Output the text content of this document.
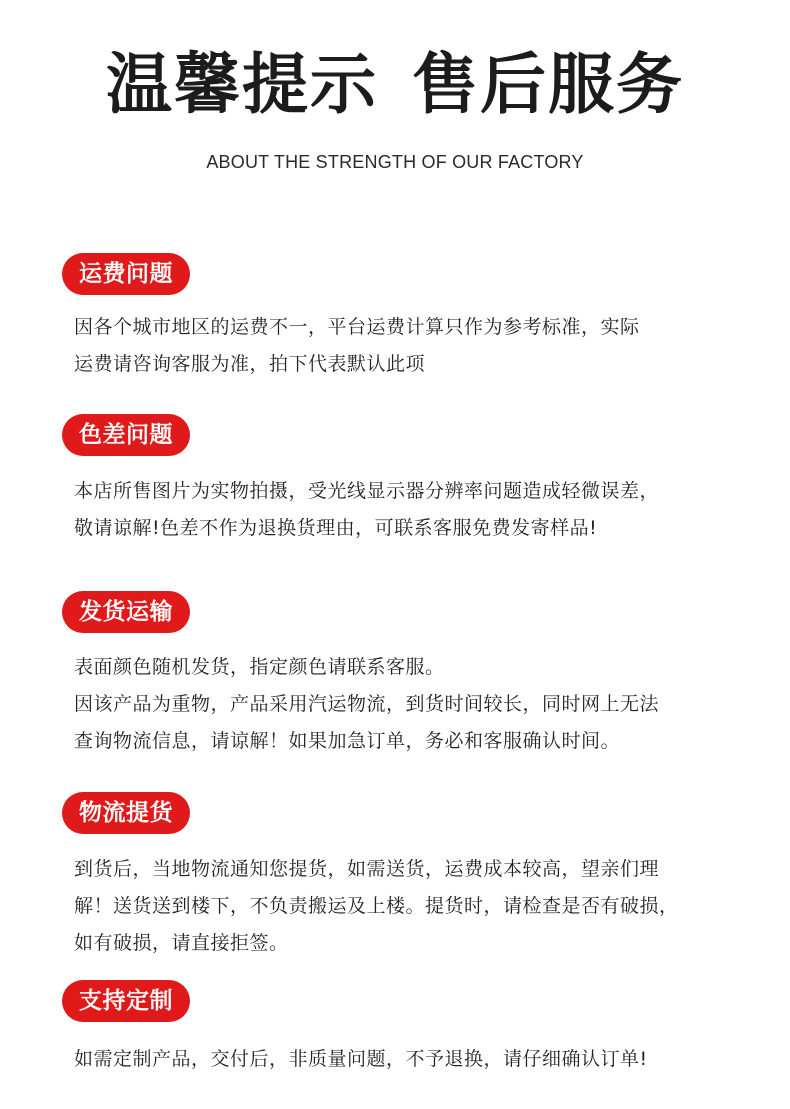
温馨提示 售后服务
ABOUT THE STRENGTH OF OUR FACTORY
运费问题

因各个城市地区的运费不一，平台运费计算只作为参考标准，实际
运费请咨询客服为准，拍下代表默认此项

色差问题

本店所售图片为实物拍摄，受光线显示器分辨率问题造成轻微误差，
敬请谅解!色差不作为退换货理由，可联系客服免费发寄样品!

发货运输

表面颜色随机发货，指定颜色请联系客服。
因该产品为重物，产品采用汽运物流，到货时间较长，同时网上无法
查询物流信息，请谅解！如果加急订单，务必和客服确认时间。

物流提货

到货后，当地物流通知您提货，如需送货，运费成本较高，望亲们理
解！送货送到楼下，不负责搬运及上楼。提货时，请检查是否有破损，
如有破损，请直接拒签。

支持定制

如需定制产品，交付后，非质量问题，不予退换，请仔细确认订单!
